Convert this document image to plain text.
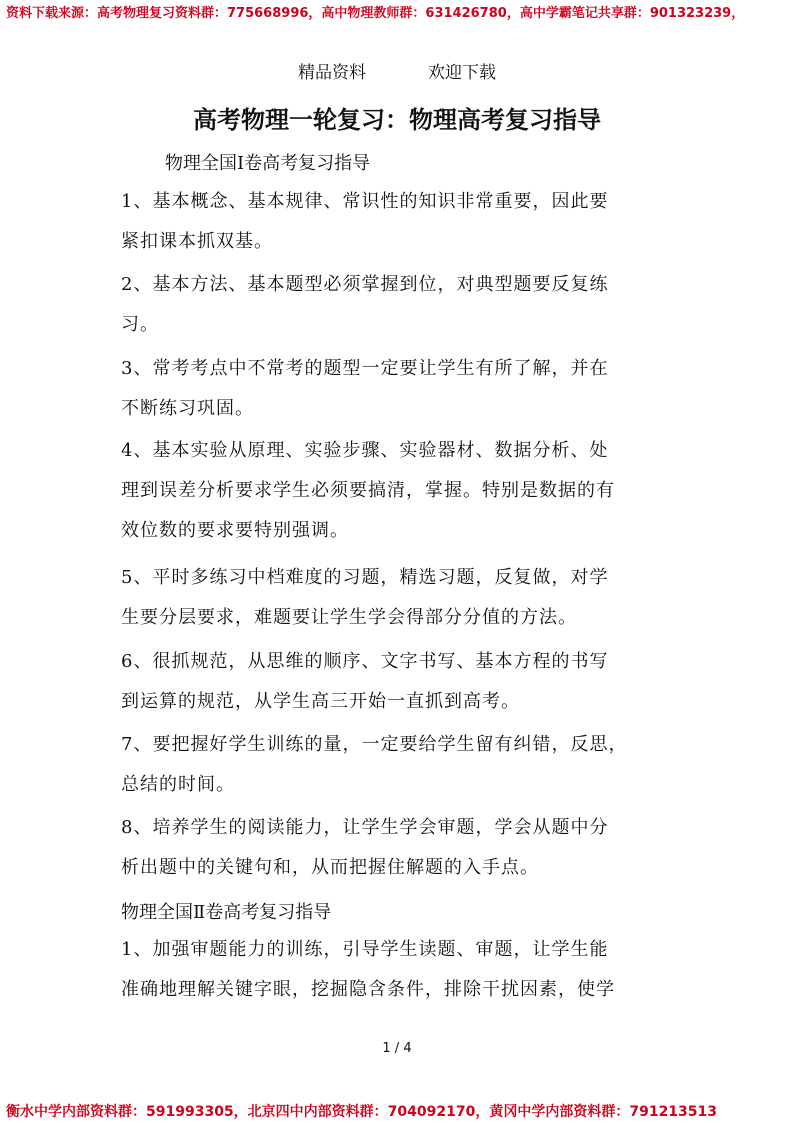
资料下载来源：高考物理复习资料群：775668996，高中物理教师群：631426780，高中学霸笔记共享群：901323239，
精品资料	欢迎下载
高考物理一轮复习：物理高考复习指导
物理全国Ⅰ卷高考复习指导
1、基本概念、基本规律、常识性的知识非常重要，因此要
紧扣课本抓双基。
2、基本方法、基本题型必须掌握到位，对典型题要反复练
习。
3、常考考点中不常考的题型一定要让学生有所了解，并在
不断练习巩固。
4、基本实验从原理、实验步骤、实验器材、数据分析、处
理到误差分析要求学生必须要搞清，掌握。特别是数据的有
效位数的要求要特别强调。
5、平时多练习中档难度的习题，精选习题，反复做，对学
生要分层要求，难题要让学生学会得部分分值的方法。
6、很抓规范，从思维的顺序、文字书写、基本方程的书写
到运算的规范，从学生高三开始一直抓到高考。
7、要把握好学生训练的量，一定要给学生留有纠错，反思，
总结的时间。
8、培养学生的阅读能力，让学生学会审题，学会从题中分
析出题中的关键句和，从而把握住解题的入手点。
物理全国Ⅱ卷高考复习指导
1、加强审题能力的训练，引导学生读题、审题，让学生能
准确地理解关键字眼，挖掘隐含条件，排除干扰因素，使学
1 / 4
衡水中学内部资料群：591993305，北京四中内部资料群：704092170，黄冈中学内部资料群：791213513
